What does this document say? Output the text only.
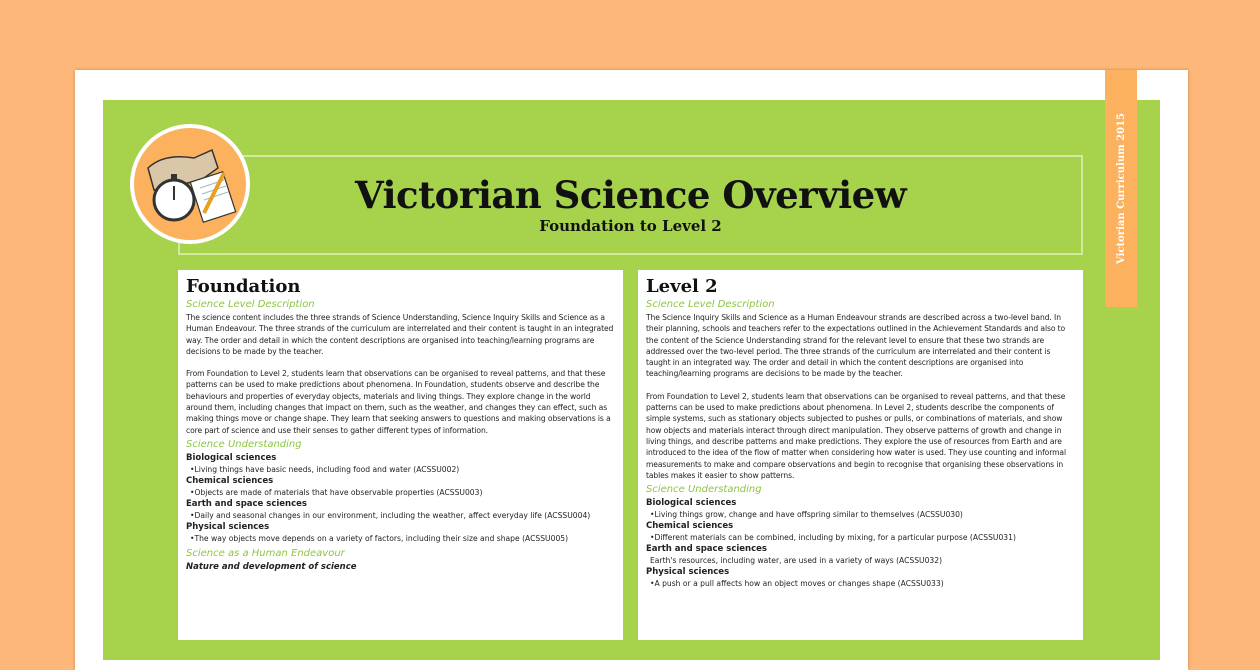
Victorian Curriculum 2015
Victorian Science Overview
Foundation to Level 2
Foundation
Science Level Description
The science content includes the three strands of Science Understanding, Science Inquiry Skills and Science as a Human Endeavour. The three strands of the curriculum are interrelated and their content is taught in an integrated way. The order and detail in which the content descriptions are organised into teaching/learning programs are decisions to be made by the teacher.
From Foundation to Level 2, students learn that observations can be organised to reveal patterns, and that these patterns can be used to make predictions about phenomena. In Foundation, students observe and describe the behaviours and properties of everyday objects, materials and living things. They explore change in the world around them, including changes that impact on them, such as the weather, and changes they can effect, such as making things move or change shape. They learn that seeking answers to questions and making observations is a core part of science and use their senses to gather different types of information.
Science Understanding
Biological sciences
•Living things have basic needs, including food and water (ACSSU002)
Chemical sciences
•Objects are made of materials that have observable properties (ACSSU003)
Earth and space sciences
•Daily and seasonal changes in our environment, including the weather, affect everyday life (ACSSU004)
Physical sciences
•The way objects move depends on a variety of factors, including their size and shape (ACSSU005)
Science as a Human Endeavour
Nature and development of science
Level 2
Science Level Description
The Science Inquiry Skills and Science as a Human Endeavour strands are described across a two-level band. In their planning, schools and teachers refer to the expectations outlined in the Achievement Standards and also to the content of the Science Understanding strand for the relevant level to ensure that these two strands are addressed over the two-level period. The three strands of the curriculum are interrelated and their content is taught in an integrated way. The order and detail in which the content descriptions are organised into teaching/learning programs are decisions to be made by the teacher.
From Foundation to Level 2, students learn that observations can be organised to reveal patterns, and that these patterns can be used to make predictions about phenomena. In Level 2, students describe the components of simple systems, such as stationary objects subjected to pushes or pulls, or combinations of materials, and show how objects and materials interact through direct manipulation. They observe patterns of growth and change in living things, and describe patterns and make predictions. They explore the use of resources from Earth and are introduced to the idea of the flow of matter when considering how water is used. They use counting and informal measurements to make and compare observations and begin to recognise that organising these observations in tables makes it easier to show patterns.
Science Understanding
Biological sciences
•Living things grow, change and have offspring similar to themselves (ACSSU030)
Chemical sciences
•Different materials can be combined, including by mixing, for a particular purpose (ACSSU031)
Earth and space sciences
Earth's resources, including water, are used in a variety of ways (ACSSU032)
Physical sciences
•A push or a pull affects how an object moves or changes shape (ACSSU033)
